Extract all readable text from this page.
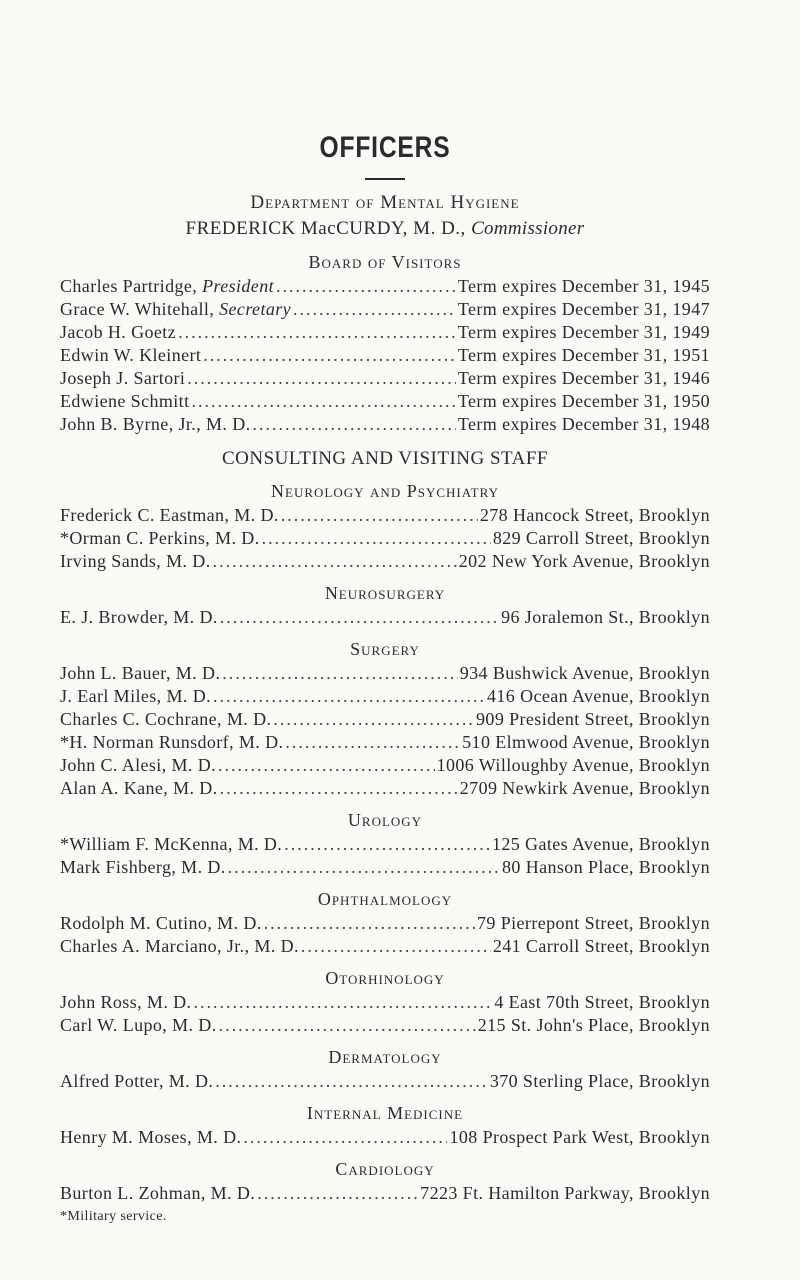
OFFICERS
Department of Mental Hygiene
FREDERICK MacCURDY, M. D., Commissioner
Board of Visitors
Charles Partridge, President .....	Term expires December 31, 1945
Grace W. Whitehall, Secretary .....	Term expires December 31, 1947
Jacob H. Goetz .....	Term expires December 31, 1949
Edwin W. Kleinert .....	Term expires December 31, 1951
Joseph J. Sartori .....	Term expires December 31, 1946
Edwiene Schmitt .....	Term expires December 31, 1950
John B. Byrne, Jr., M. D. .....	Term expires December 31, 1948
CONSULTING AND VISITING STAFF
Neurology and Psychiatry
Frederick C. Eastman, M. D. .....	278 Hancock Street, Brooklyn
*Orman C. Perkins, M. D. .....	829 Carroll Street, Brooklyn
Irving Sands, M. D. .....	202 New York Avenue, Brooklyn
Neurosurgery
E. J. Browder, M. D. .....	96 Joralemon St., Brooklyn
Surgery
John L. Bauer, M. D. .....	934 Bushwick Avenue, Brooklyn
J. Earl Miles, M. D. .....	416 Ocean Avenue, Brooklyn
Charles C. Cochrane, M. D. .....	909 President Street, Brooklyn
*H. Norman Runsdorf, M. D. .....	510 Elmwood Avenue, Brooklyn
John C. Alesi, M. D. .....	1006 Willoughby Avenue, Brooklyn
Alan A. Kane, M. D. .....	2709 Newkirk Avenue, Brooklyn
Urology
*William F. McKenna, M. D. .....	125 Gates Avenue, Brooklyn
Mark Fishberg, M. D. .....	80 Hanson Place, Brooklyn
Ophthalmology
Rodolph M. Cutino, M. D. .....	79 Pierrepont Street, Brooklyn
Charles A. Marciano, Jr., M. D. .....	241 Carroll Street, Brooklyn
Otorhinology
John Ross, M. D. .....	4 East 70th Street, Brooklyn
Carl W. Lupo, M. D. .....	215 St. John's Place, Brooklyn
Dermatology
Alfred Potter, M. D. .....	370 Sterling Place, Brooklyn
Internal Medicine
Henry M. Moses, M. D. .....	108 Prospect Park West, Brooklyn
Cardiology
Burton L. Zohman, M. D. .....	7223 Ft. Hamilton Parkway, Brooklyn
*Military service.
